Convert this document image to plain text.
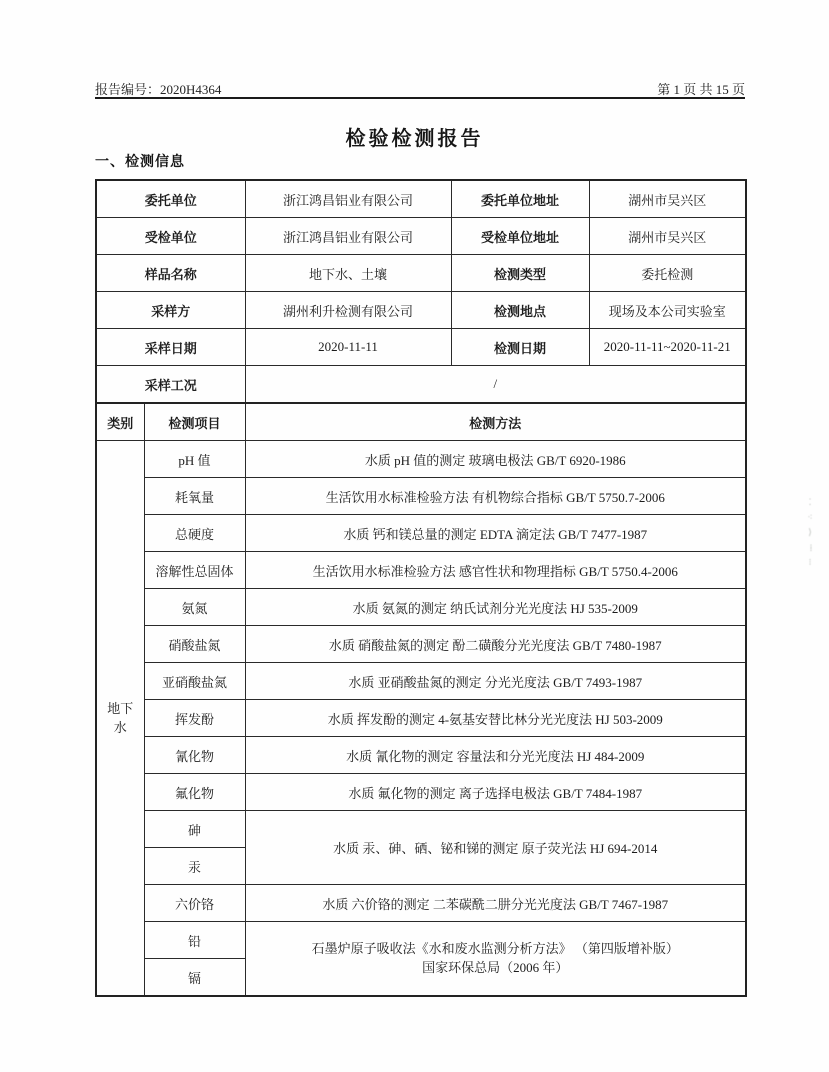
报告编号：2020H4364	第 1 页 共 15 页
检验检测报告
一、检测信息
委托单位	浙江鸿昌铝业有限公司	委托单位地址	湖州市吴兴区
受检单位	浙江鸿昌铝业有限公司	受检单位地址	湖州市吴兴区
样品名称	地下水、土壤	检测类型	委托检测
采样方	湖州利升检测有限公司	检测地点	现场及本公司实验室
采样日期	2020-11-11	检测日期	2020-11-11~2020-11-21
采样工况	/		
类别	检测项目	检测方法

地下水	pH 值	水质 pH 值的测定 玻璃电极法 GB/T 6920-1986
	耗氧量	生活饮用水标准检验方法 有机物综合指标 GB/T 5750.7-2006
	总硬度	水质 钙和镁总量的测定 EDTA 滴定法 GB/T 7477-1987
	溶解性总固体	生活饮用水标准检验方法 感官性状和物理指标 GB/T 5750.4-2006
	氨氮	水质 氨氮的测定 纳氏试剂分光光度法 HJ 535-2009
	硝酸盐氮	水质 硝酸盐氮的测定 酚二磺酸分光光度法 GB/T 7480-1987
	亚硝酸盐氮	水质 亚硝酸盐氮的测定 分光光度法 GB/T 7493-1987
	挥发酚	水质 挥发酚的测定 4-氨基安替比林分光光度法 HJ 503-2009
	氰化物	水质 氰化物的测定 容量法和分光光度法 HJ 484-2009
	氟化物	水质 氟化物的测定 离子选择电极法 GB/T 7484-1987
	砷	水质 汞、砷、硒、铋和锑的测定 原子荧光法 HJ 694-2014
	汞	
	六价铬	水质 六价铬的测定 二苯碳酰二肼分光光度法 GB/T 7467-1987
	铅	石墨炉原子吸收法《水和废水监测分析方法》 （第四版增补版）
国家环保总局（2006 年）

	镉	
⁚⁖⟩⁞⁝
